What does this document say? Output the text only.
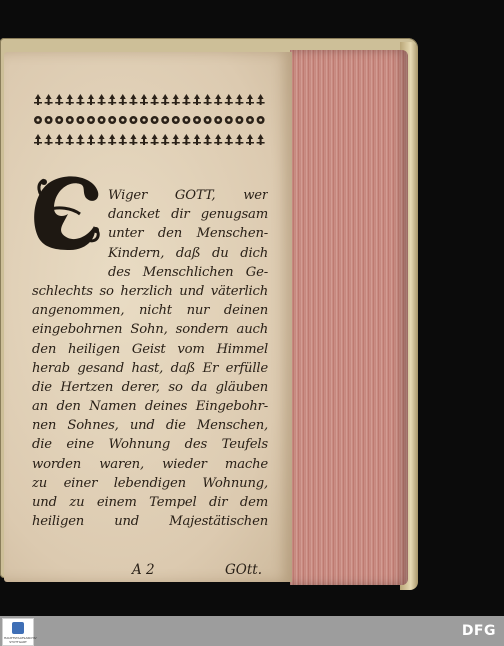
Wiger GOTT, wer
dancket dir genugsam
unter den Menschen-
Kindern, daß du dich
des Menschlichen Ge-
schlechts so herzlich und väterlich
angenommen, nicht nur deinen
eingebohrnen Sohn, sondern auch
den heiligen Geist vom Himmel
herab gesand hast, daß Er erfülle
die Hertzen derer, so da gläuben
an den Namen deines Eingebohr-
nen Sohnes, und die Menschen,
die eine Wohnung des Teufels
worden waren, wieder mache
zu einer lebendigen Wohnung,
und zu einem Tempel dir dem
heiligen und Majestätischen
A 2	GOtt.
HAUPTSTAATSARCHIV STUTTGART
DFG
